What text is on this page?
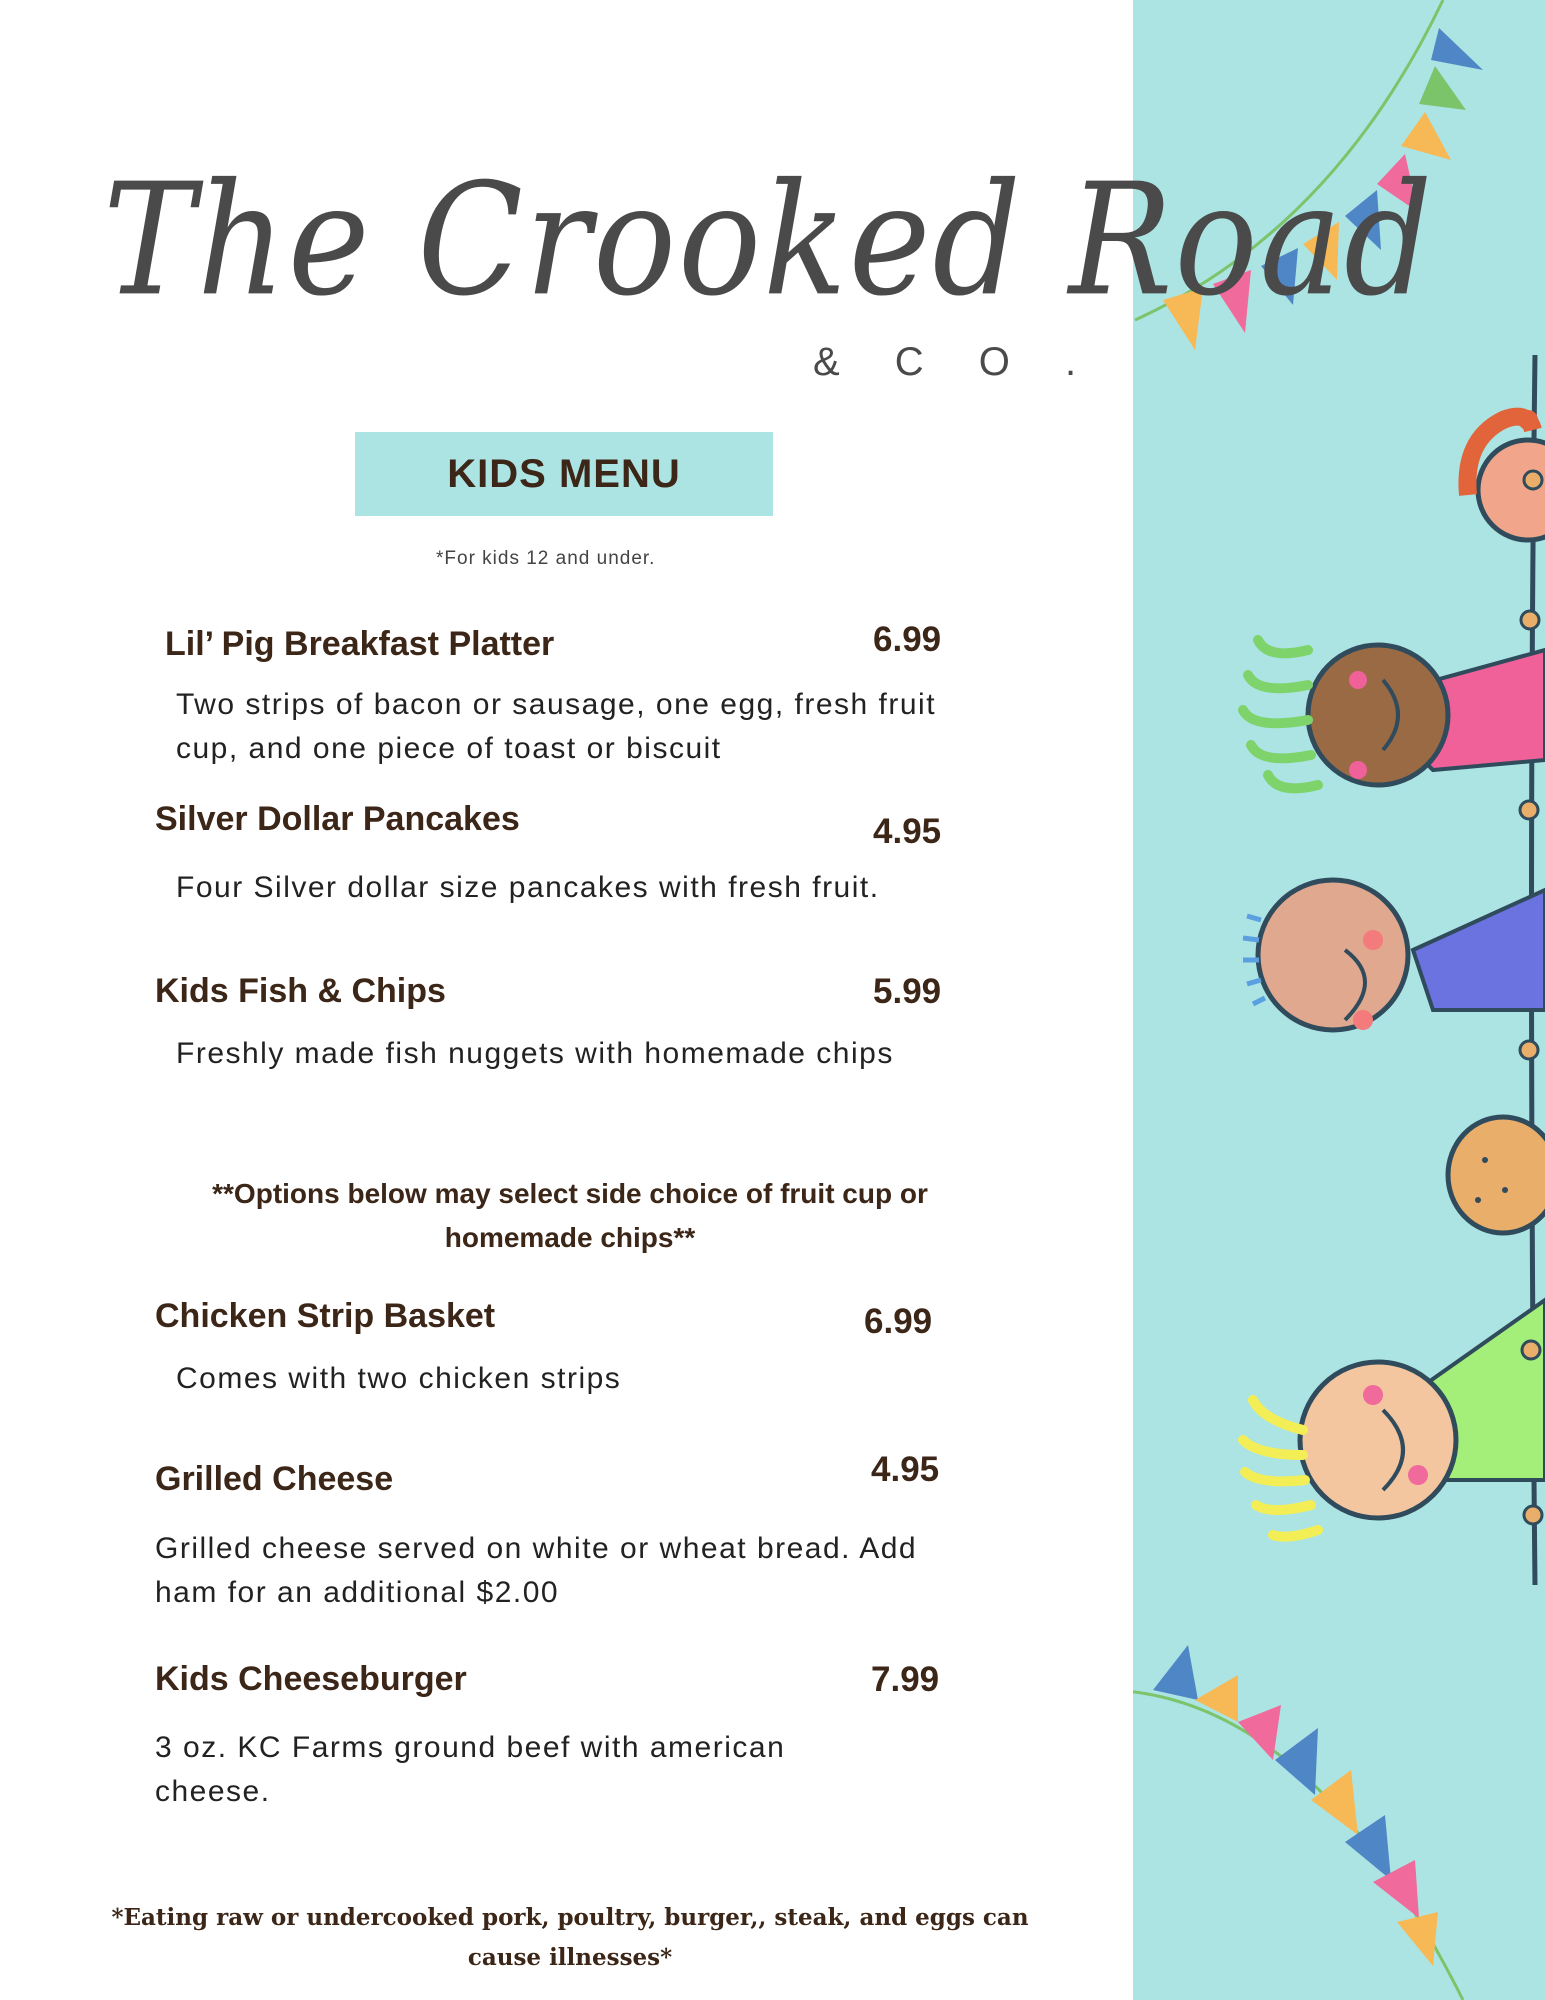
The Crooked Road
& C O .
KIDS MENU
*For kids 12 and under.
Lil’ Pig Breakfast Platter	6.99
Two strips of bacon or sausage, one egg, fresh fruit cup, and one piece of toast or biscuit
Silver Dollar Pancakes	4.95
Four Silver dollar size pancakes with fresh fruit.
Kids Fish & Chips	5.99
Freshly made fish nuggets with homemade chips
**Options below may select side choice of fruit cup or homemade chips**
Chicken Strip Basket	6.99
Comes with two chicken strips
Grilled Cheese	4.95
Grilled cheese served on white or wheat bread. Add ham for an additional $2.00
Kids Cheeseburger	7.99
3 oz. KC Farms ground beef with american cheese.
*Eating raw or undercooked pork, poultry, burger,, steak, and eggs can cause illnesses*
